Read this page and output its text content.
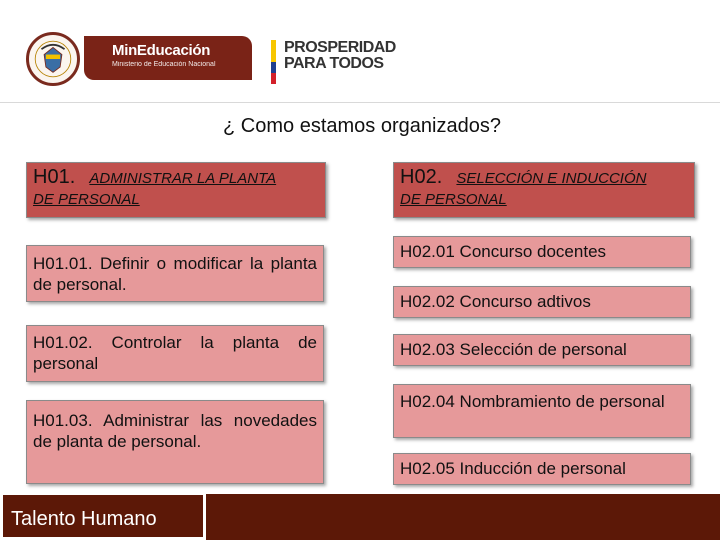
MinEducación
Ministerio de Educación Nacional
PROSPERIDAD
PARA TODOS
¿ Como estamos organizados?
H01. ADMINISTRAR LA PLANTA
DE PERSONAL
H01.01. Definir o modificar la planta de personal.
H01.02. Controlar la planta de personal
H01.03. Administrar las novedades de planta de personal.
H02. SELECCIÓN E INDUCCIÓN
DE PERSONAL
H02.01 Concurso docentes
H02.02 Concurso adtivos
H02.03 Selección de personal
H02.04 Nombramiento de personal
H02.05 Inducción de personal
Talento Humano
